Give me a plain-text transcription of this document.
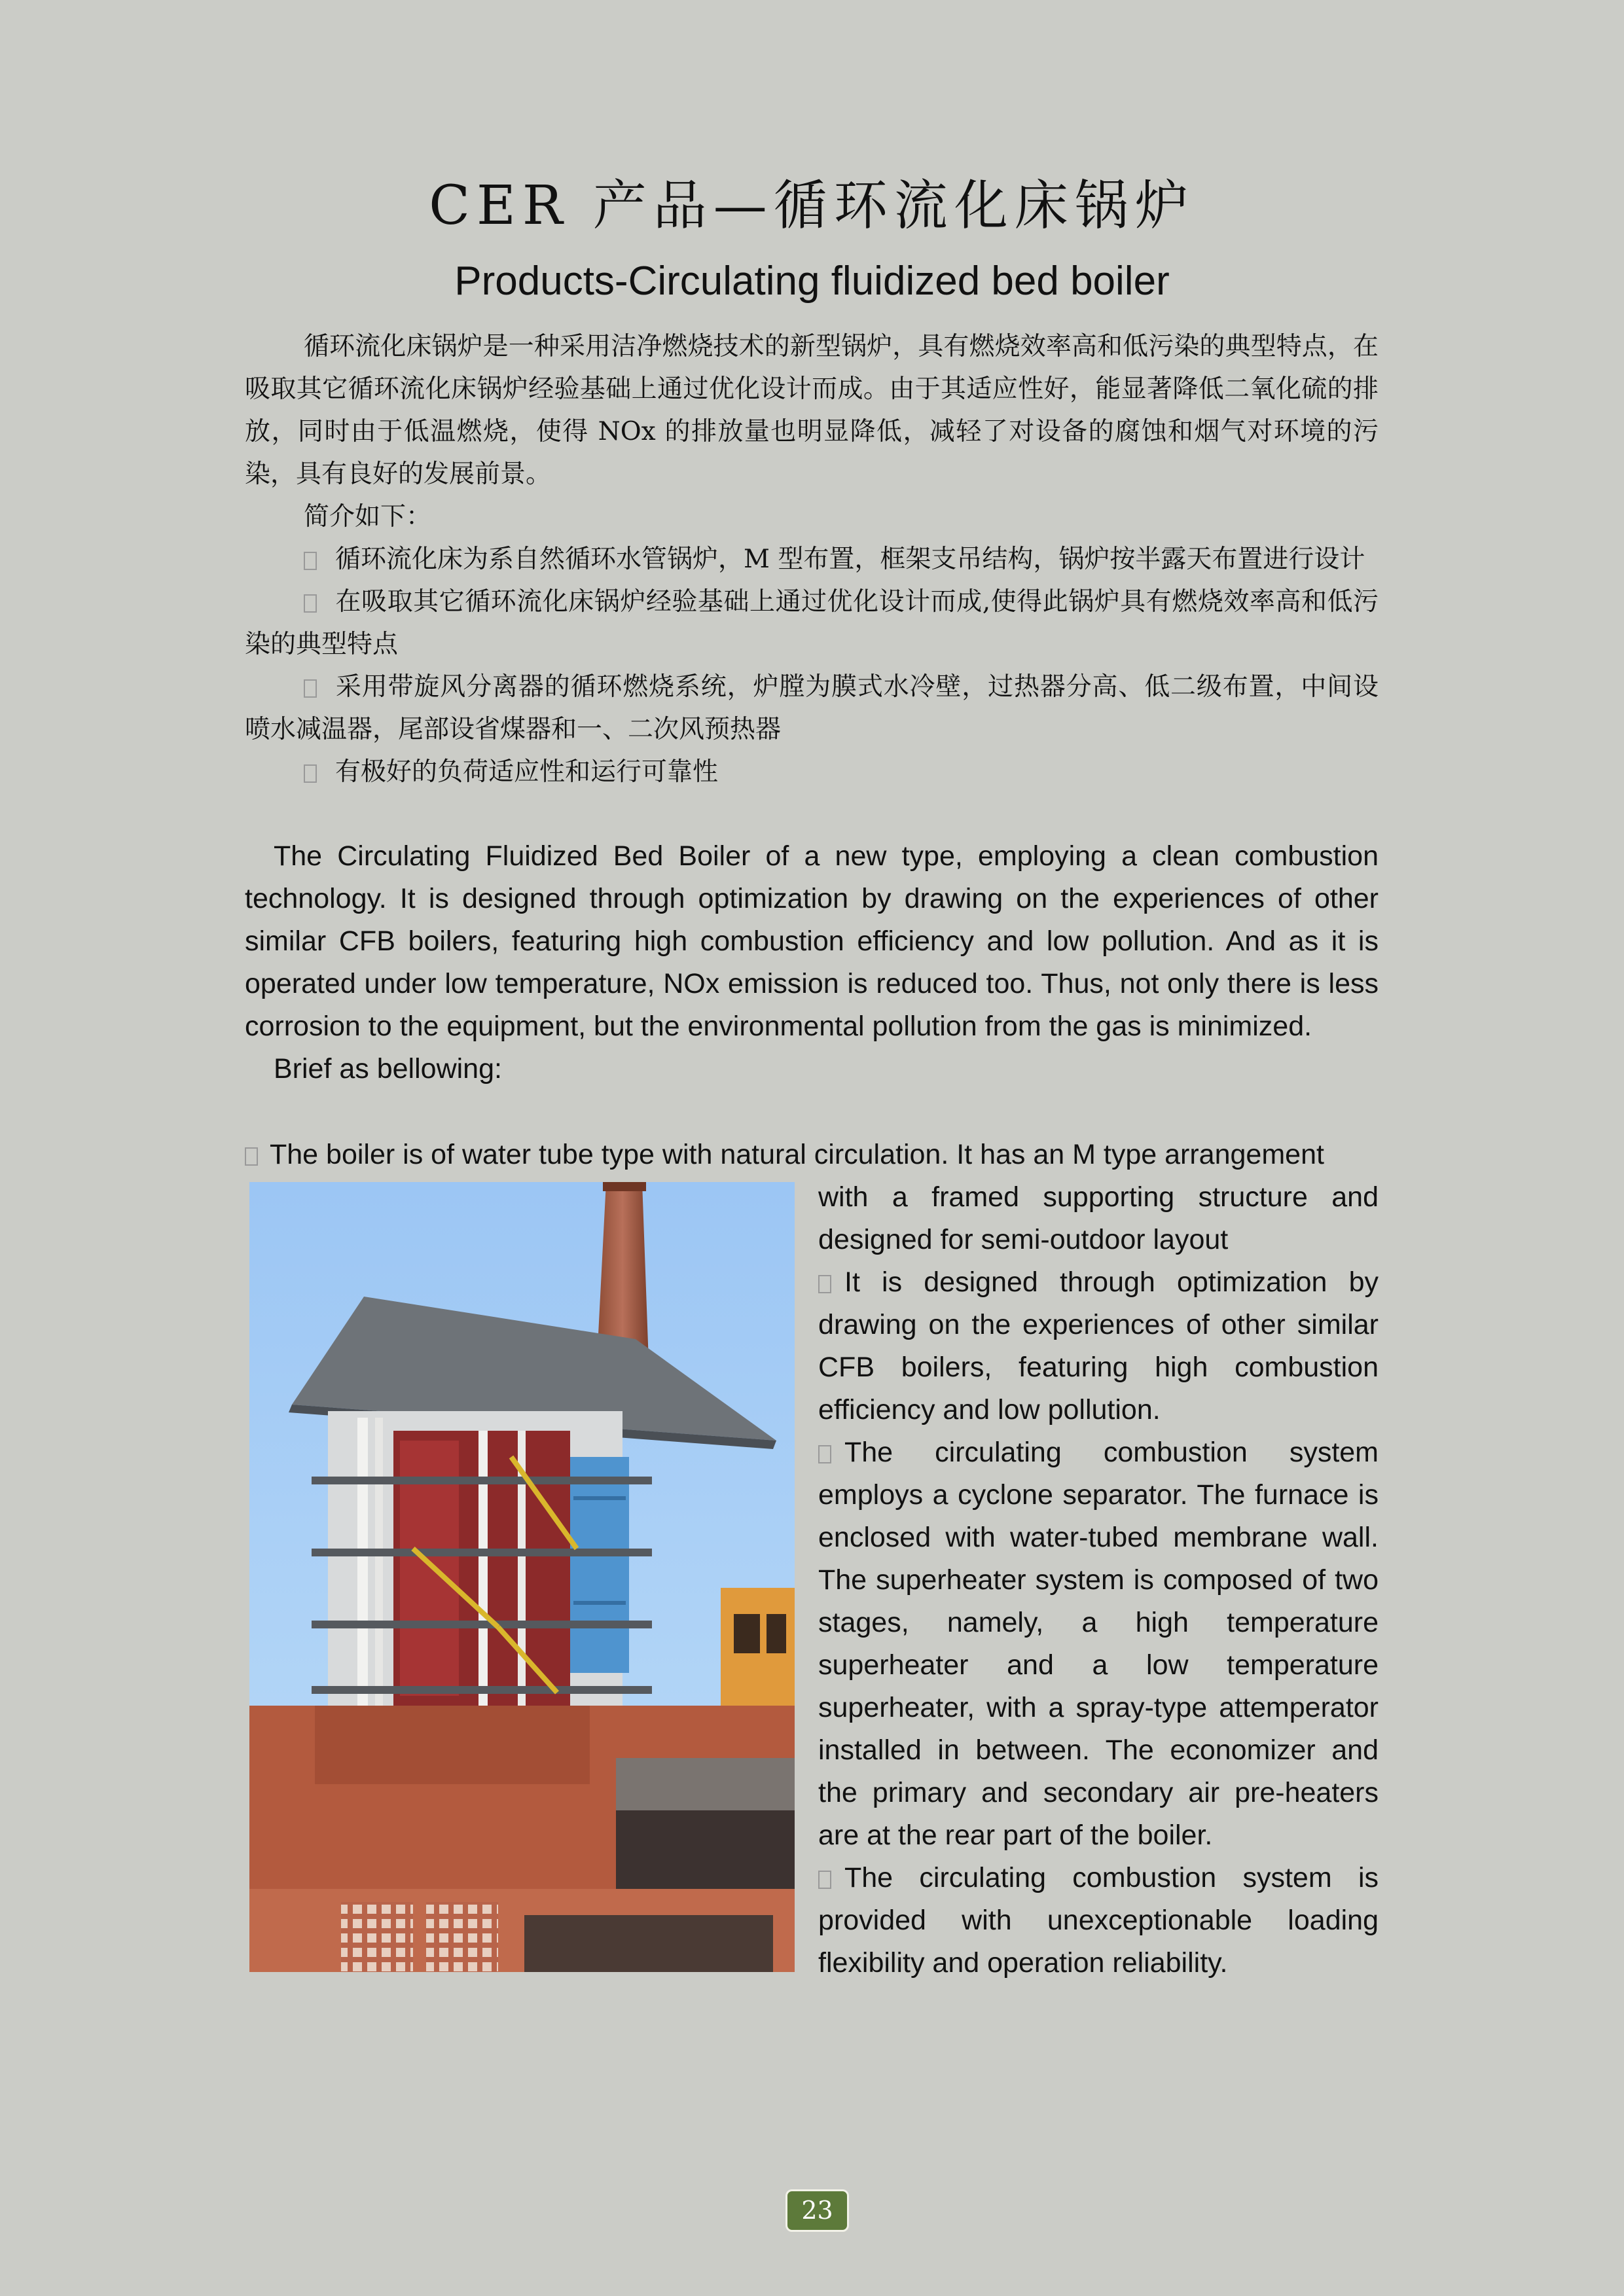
CER 产品—循环流化床锅炉
Products-Circulating fluidized bed boiler

循环流化床锅炉是一种采用洁净燃烧技术的新型锅炉，具有燃烧效率高和低污染的典型特点，在吸取其它循环流化床锅炉经验基础上通过优化设计而成。由于其适应性好，能显著降低二氧化硫的排放，同时由于低温燃烧，使得 NOx 的排放量也明显降低，减轻了对设备的腐蚀和烟气对环境的污染，具有良好的发展前景。

简介如下：

循环流化床为系自然循环水管锅炉，M 型布置，框架支吊结构，锅炉按半露天布置进行设计

在吸取其它循环流化床锅炉经验基础上通过优化设计而成,使得此锅炉具有燃烧效率高和低污染的典型特点

采用带旋风分离器的循环燃烧系统，炉膛为膜式水冷壁，过热器分高、低二级布置，中间设喷水减温器，尾部设省煤器和一、二次风预热器

有极好的负荷适应性和运行可靠性

The Circulating Fluidized Bed Boiler of a new type, employing a clean combustion technology. It is designed through optimization by drawing on the experiences of other similar CFB boilers, featuring high combustion efficiency and low pollution. And as it is operated under low temperature, NOx emission is reduced too. Thus, not only there is less corrosion to the equipment, but the environmental pollution from the gas is minimized.

Brief as bellowing:

The boiler is of water tube type with natural circulation. It has an M type arrangement

with a framed supporting structure and designed for semi-outdoor layout

It is designed through optimization by drawing on the experiences of other similar CFB boilers, featuring high combustion efficiency and low pollution.

The circulating combustion system employs a cyclone separator. The furnace is enclosed with water-tubed membrane wall. The superheater system is composed of two stages, namely, a high temperature superheater and a low temperature superheater, with a spray-type attemperator installed in between. The economizer and the primary and secondary air pre-heaters are at the rear part of the boiler.

The circulating combustion system is provided with unexceptionable loading flexibility and operation reliability.

23
